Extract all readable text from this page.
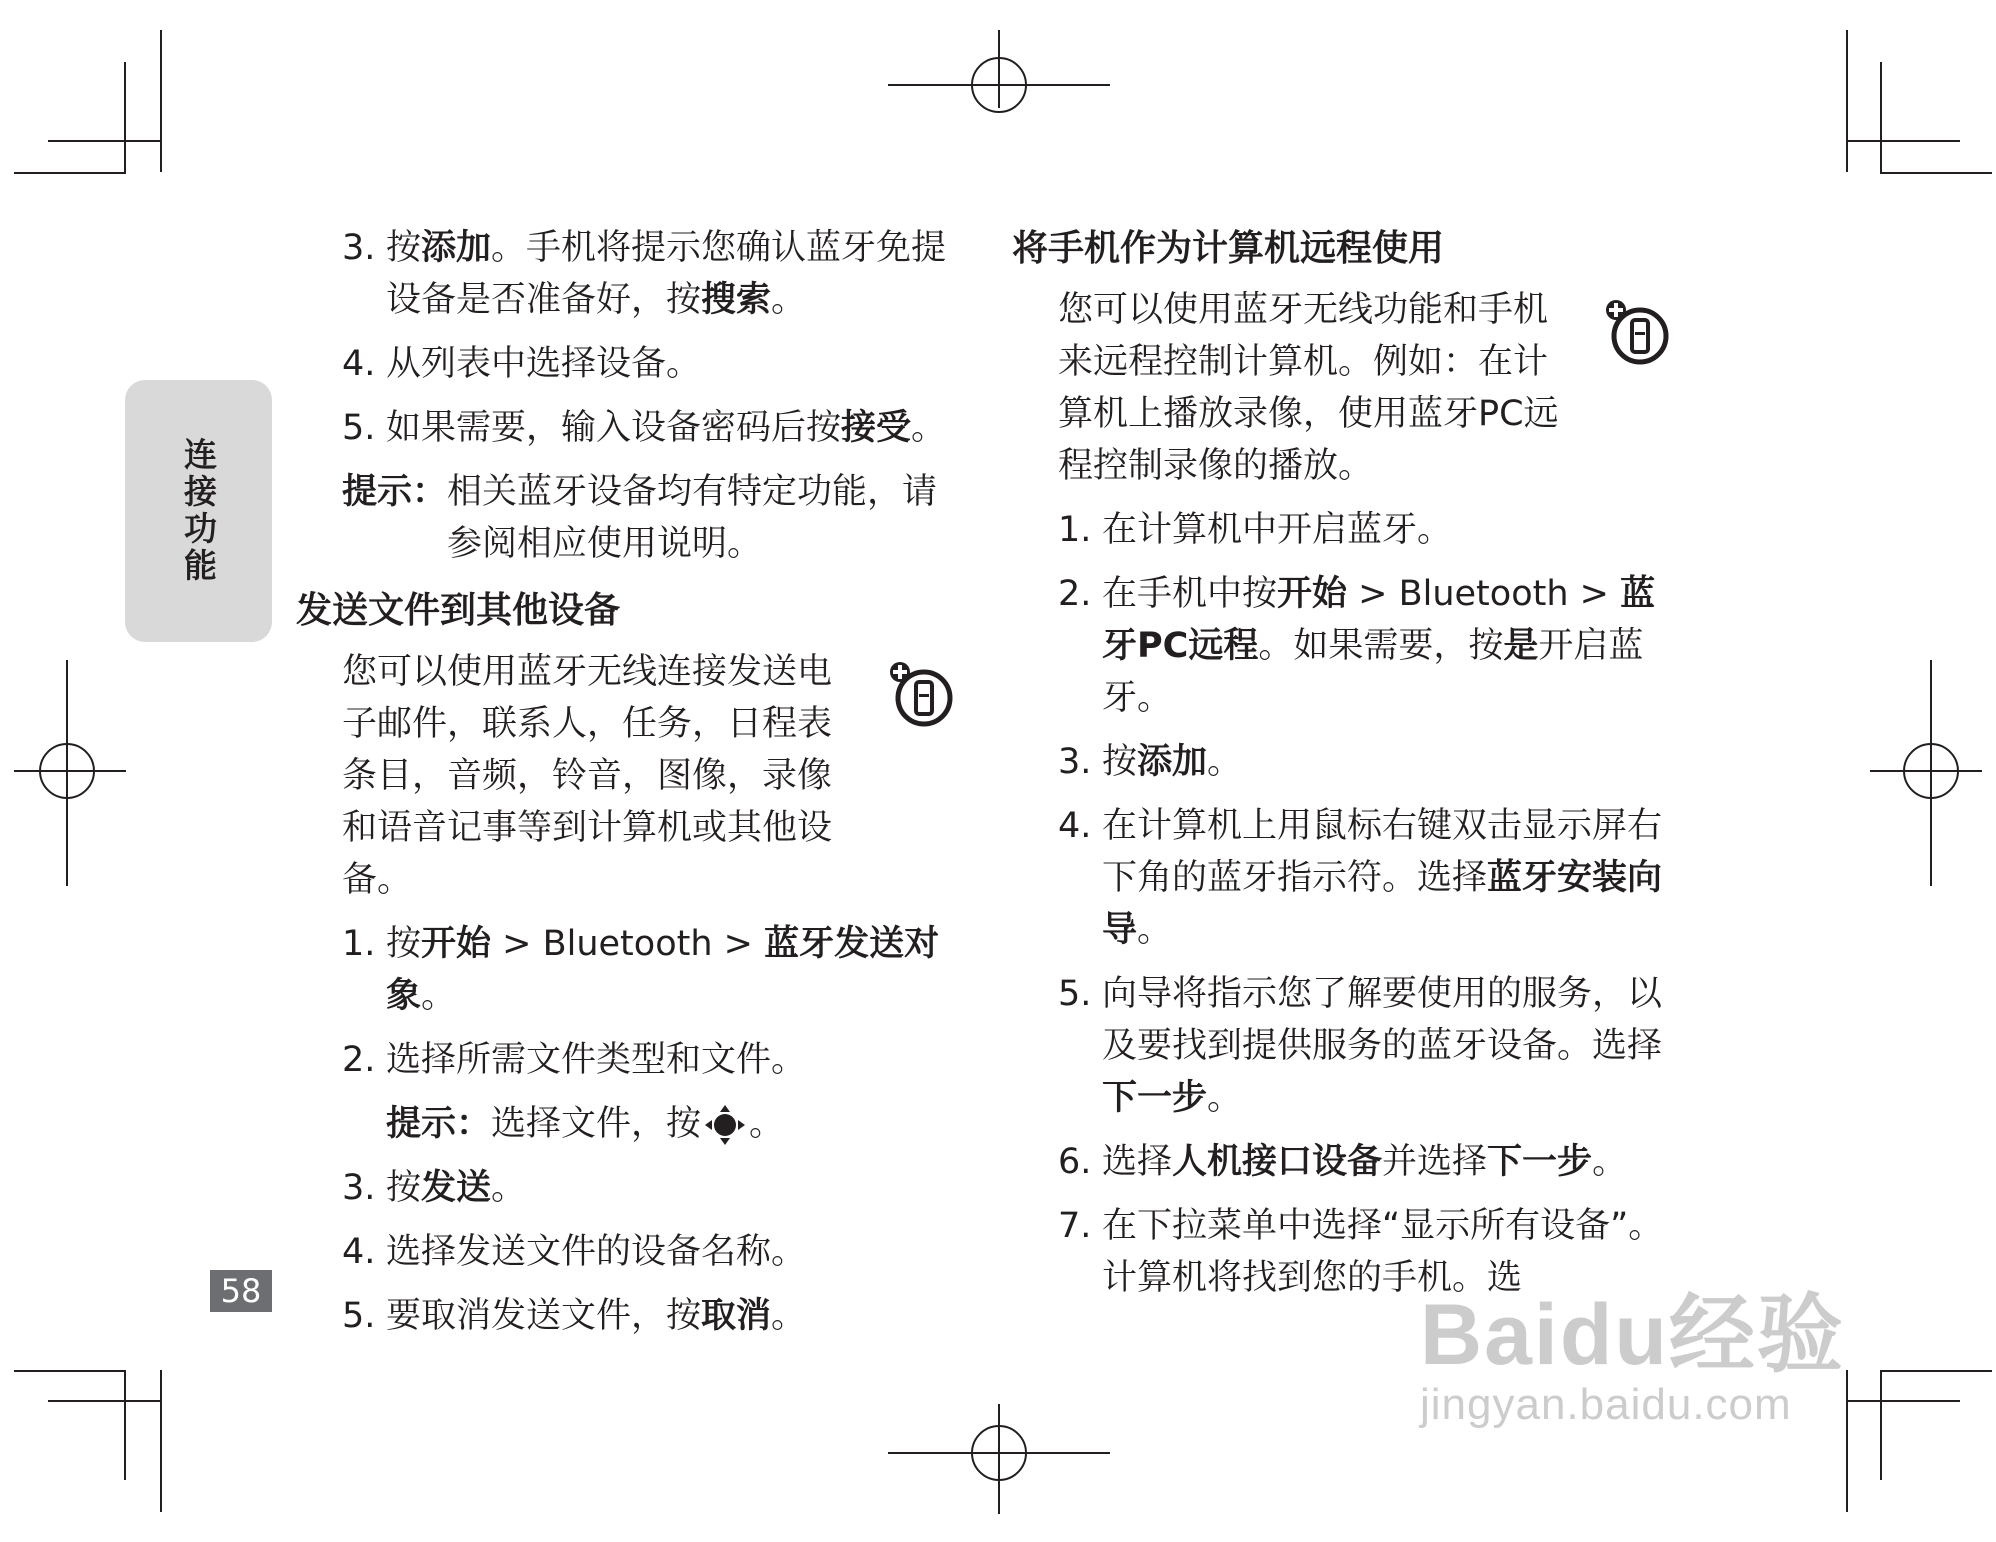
连接功能
58
3. 按添加。手机将提示您确认蓝牙免提设备是否准备好，按搜索。
4. 从列表中选择设备。
5. 如果需要，输入设备密码后按接受。
提示： 相关蓝牙设备均有特定功能，请参阅相应使用说明。
发送文件到其他设备
您可以使用蓝牙无线连接发送电子邮件，联系人，任务，日程表条目，音频，铃音，图像，录像和语音记事等到计算机或其他设备。
1. 按开始 > Bluetooth > 蓝牙发送对象。
2. 选择所需文件类型和文件。
提示： 选择文件，按 。
3. 按发送。
4. 选择发送文件的设备名称。
5. 要取消发送文件，按取消。
将手机作为计算机远程使用
您可以使用蓝牙无线功能和手机来远程控制计算机。例如：在计算机上播放录像，使用蓝牙PC远程控制录像的播放。
1. 在计算机中开启蓝牙。
2. 在手机中按开始 > Bluetooth > 蓝牙PC远程。如果需要，按是开启蓝牙。
3. 按添加。
4. 在计算机上用鼠标右键双击显示屏右下角的蓝牙指示符。选择蓝牙安装向导。
5. 向导将指示您了解要使用的服务，以及要找到提供服务的蓝牙设备。选择下一步。
6. 选择人机接口设备并选择下一步。
7. 在下拉菜单中选择“显示所有设备”。计算机将找到您的手机。选
Baidu经验
jingyan.baidu.com
